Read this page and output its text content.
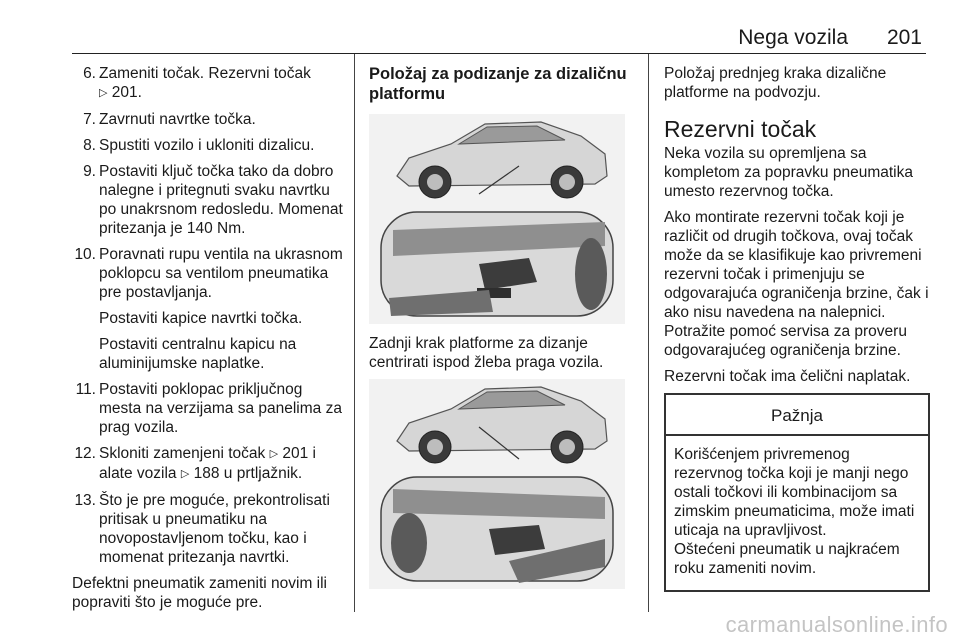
Nega vozila 201
6. Zameniti točak. Rezervni točak
▷ 201.
7. Zavrnuti navrtke točka.
8. Spustiti vozilo i ukloniti dizalicu.
9. Postaviti ključ točka tako da dobro nalegne i pritegnuti svaku navrtku po unakrsnom redosledu. Momenat pritezanja je 140 Nm.
10. Poravnati rupu ventila na ukrasnom poklopcu sa ventilom pneumatika pre postavljanja.

Postaviti kapice navrtki točka.

Postaviti centralnu kapicu na aluminijumske naplatke.

11. Postaviti poklopac priključnog mesta na verzijama sa panelima za prag vozila.
12. Skloniti zamenjeni točak ▷ 201 i alate vozila ▷ 188 u prtljažnik.
13. Što je pre moguće, prekontrolisati pritisak u pneumatiku na novopostavljenom točku, kao i momenat pritezanja navrtki.

Defektni pneumatik zameniti novim ili popraviti što je moguće pre.

Položaj za podizanje za dizaličnu platformu

Zadnji krak platforme za dizanje centrirati ispod žleba praga vozila.

Položaj prednjeg kraka dizalične platforme na podvozju.

Rezervni točak

Neka vozila su opremljena sa kompletom za popravku pneumatika umesto rezervnog točka.

Ako montirate rezervni točak koji je različit od drugih točkova, ovaj točak može da se klasifikuje kao privremeni rezervni točak i primenjuju se odgovarajuća ograničenja brzine, čak i ako nisu navedena na nalepnici. Potražite pomoć servisa za proveru odgovarajućeg ograničenja brzine.

Rezervni točak ima čelični naplatak.

Pažnja

Korišćenjem privremenog rezervnog točka koji je manji nego ostali točkovi ili kombinacijom sa zimskim pneumaticima, može imati uticaja na upravljivost.

Oštećeni pneumatik u najkraćem roku zameniti novim.

carmanualsonline.info
